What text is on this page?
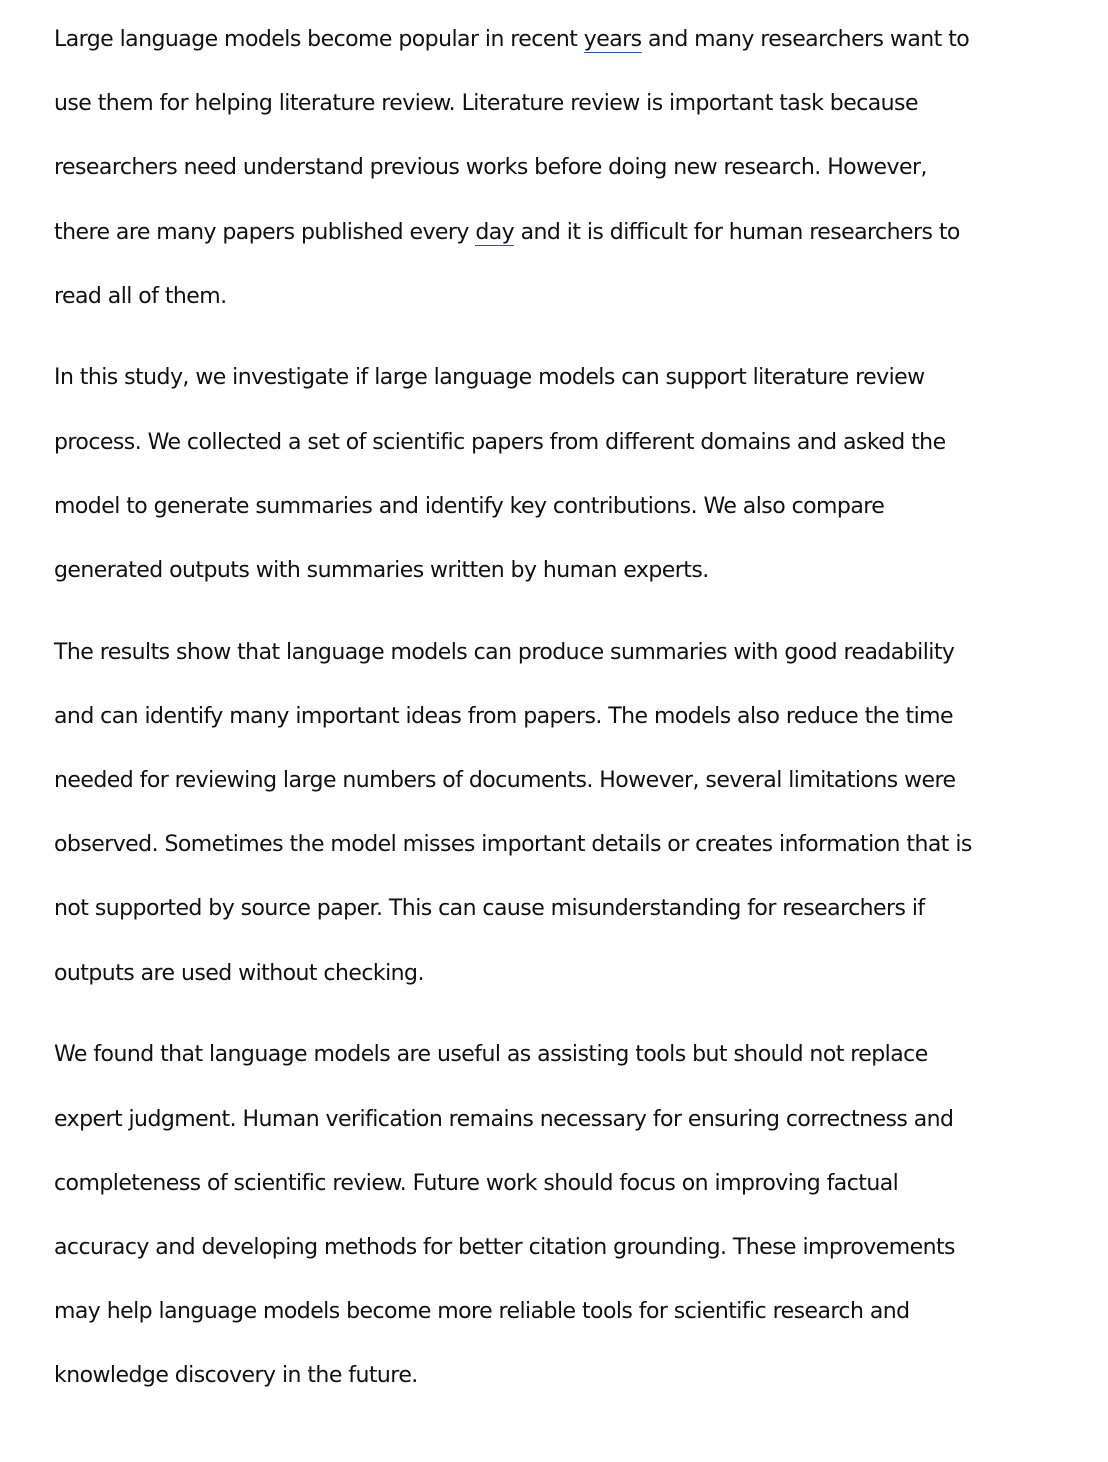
Large language models become popular in recent years and many researchers want to
use them for helping literature review. Literature review is important task because
researchers need understand previous works before doing new research. However,
there are many papers published every day and it is difficult for human researchers to
read all of them.

In this study, we investigate if large language models can support literature review
process. We collected a set of scientific papers from different domains and asked the
model to generate summaries and identify key contributions. We also compare
generated outputs with summaries written by human experts.

The results show that language models can produce summaries with good readability
and can identify many important ideas from papers. The models also reduce the time
needed for reviewing large numbers of documents. However, several limitations were
observed. Sometimes the model misses important details or creates information that is
not supported by source paper. This can cause misunderstanding for researchers if
outputs are used without checking.

We found that language models are useful as assisting tools but should not replace
expert judgment. Human verification remains necessary for ensuring correctness and
completeness of scientific review. Future work should focus on improving factual
accuracy and developing methods for better citation grounding. These improvements
may help language models become more reliable tools for scientific research and
knowledge discovery in the future.
